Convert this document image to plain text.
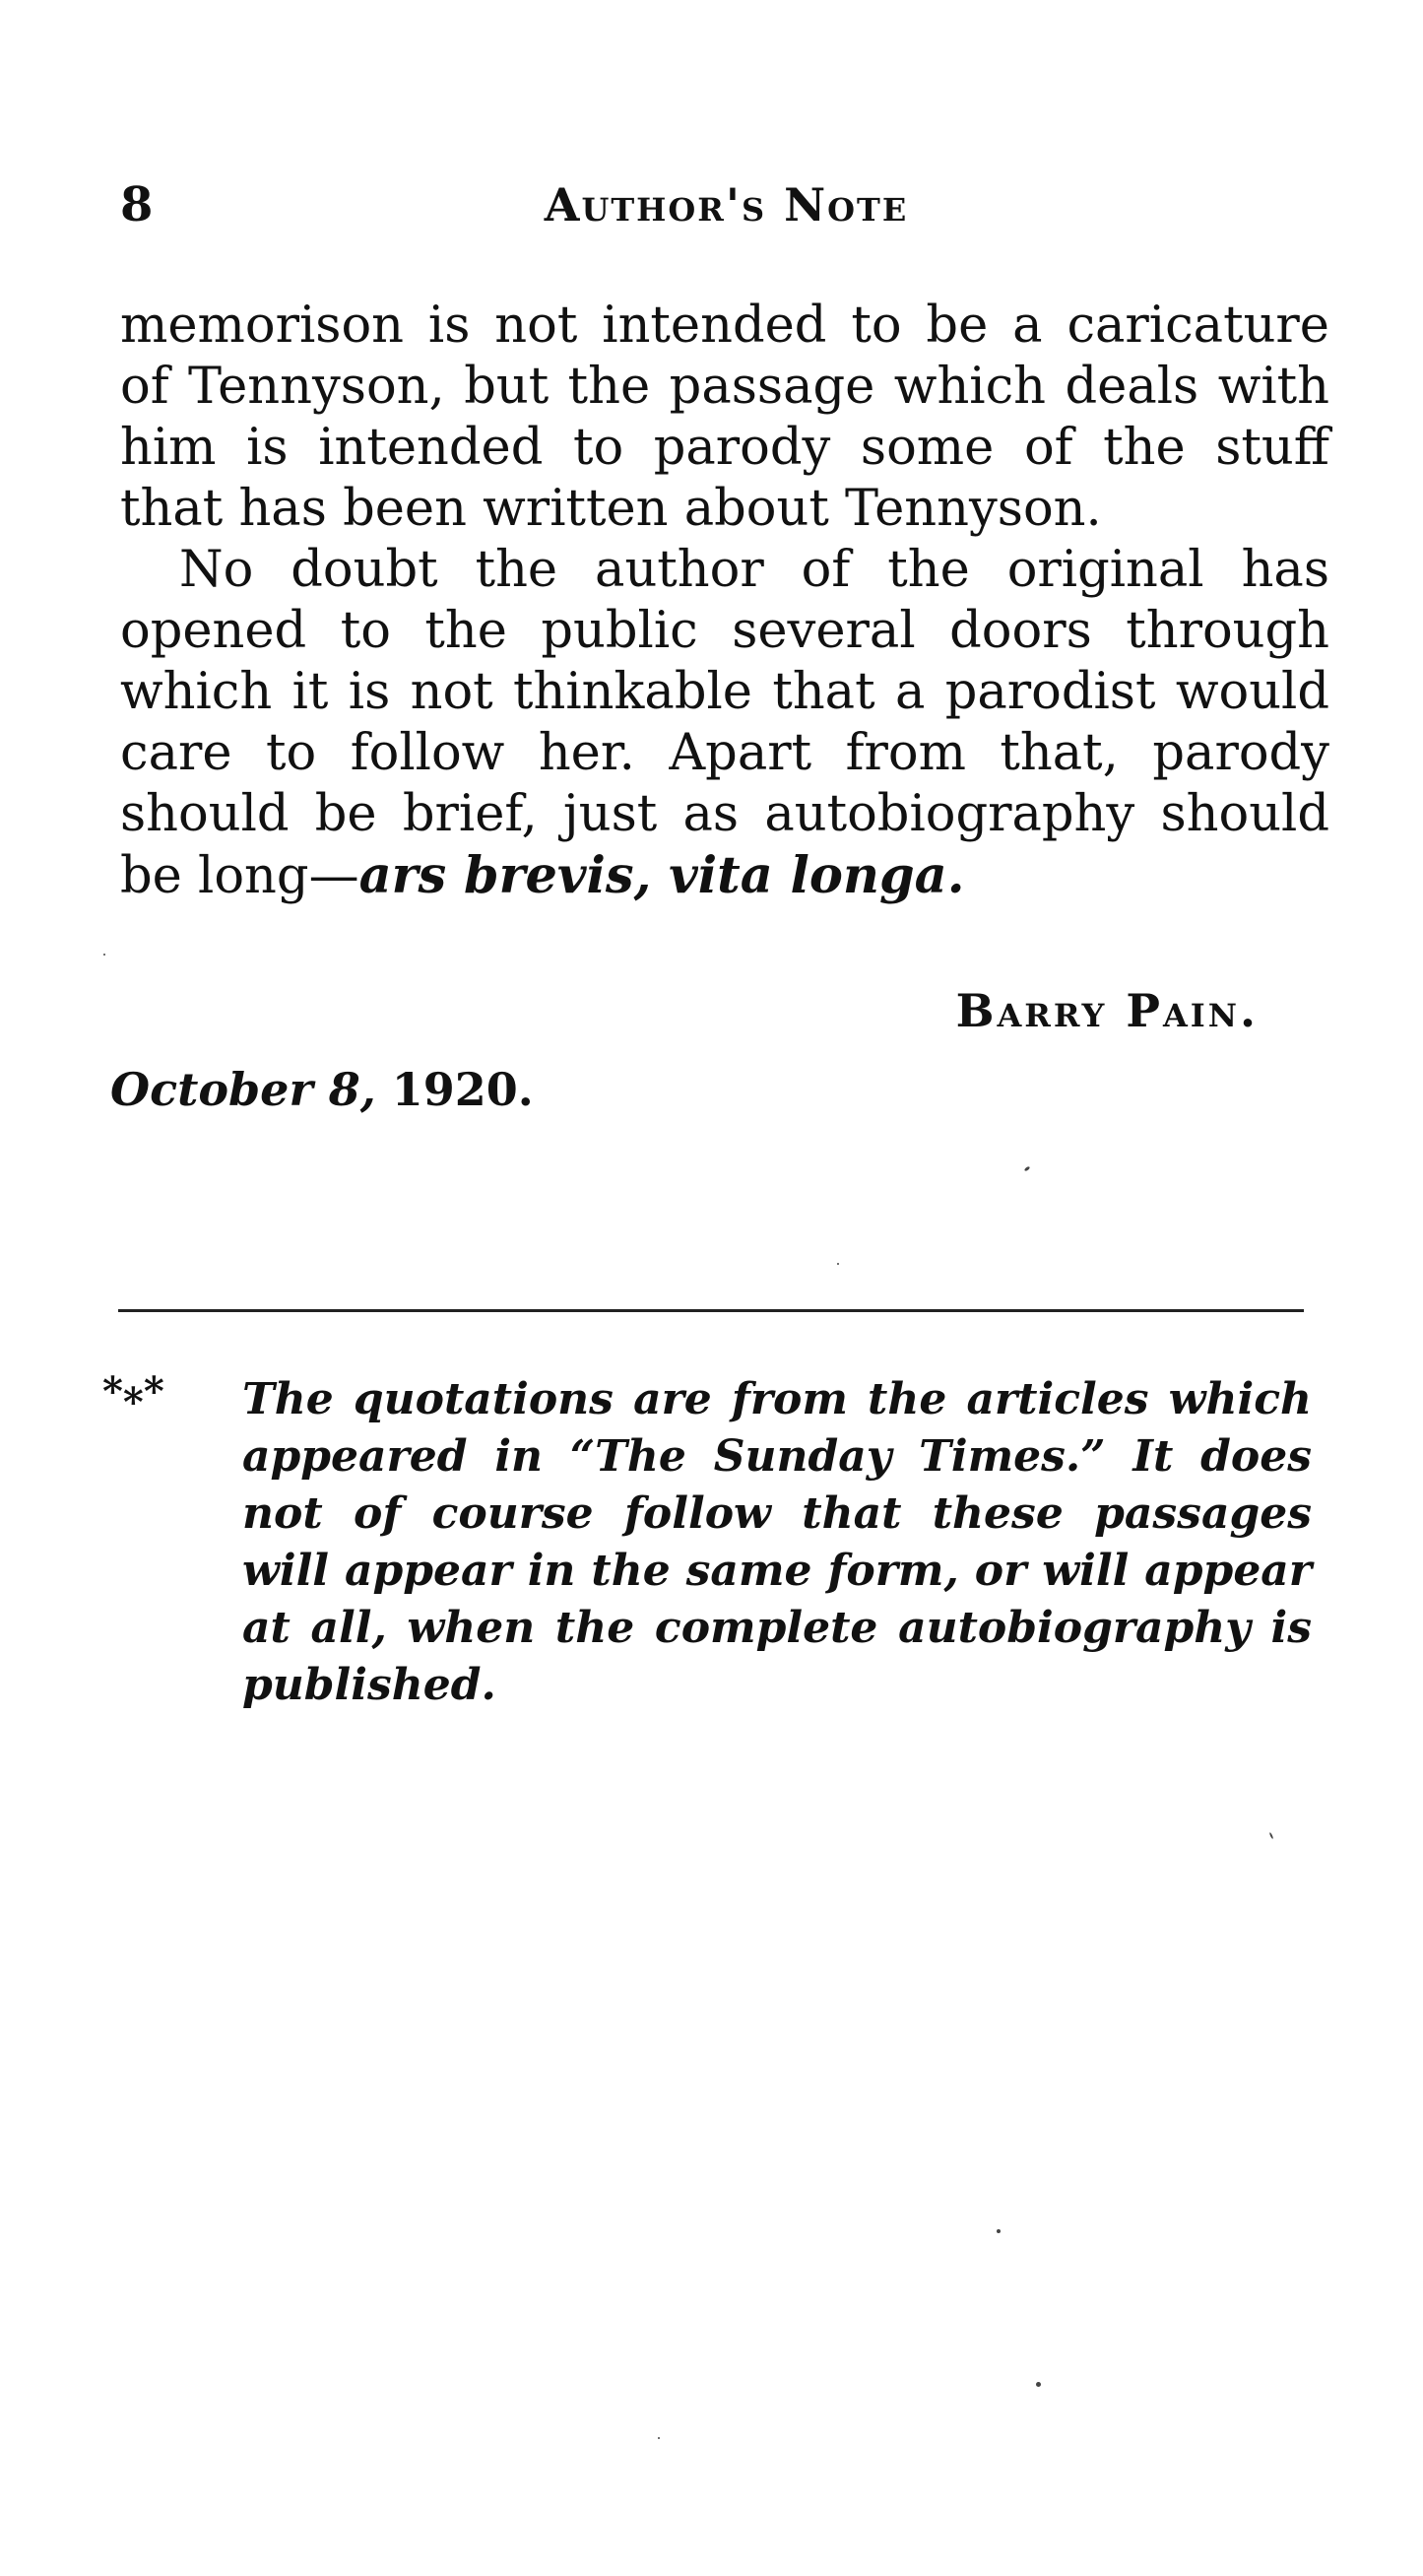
8	Author's Note

memorison is not intended to be a caricature of Tennyson, but the passage which deals with him is intended to parody some of the stuff that has been written about Tennyson.

No doubt the author of the original has opened to the public several doors through which it is not thinkable that a parodist would care to follow her. Apart from that, parody should be brief, just as autobiography should be long—ars brevis, vita longa.

Barry Pain.
October 8, 1920.
*⁎* The quotations are from the articles which appeared in “The Sunday Times.” It does not of course follow that these passages will appear in the same form, or will appear at all, when the complete autobiography is published.
